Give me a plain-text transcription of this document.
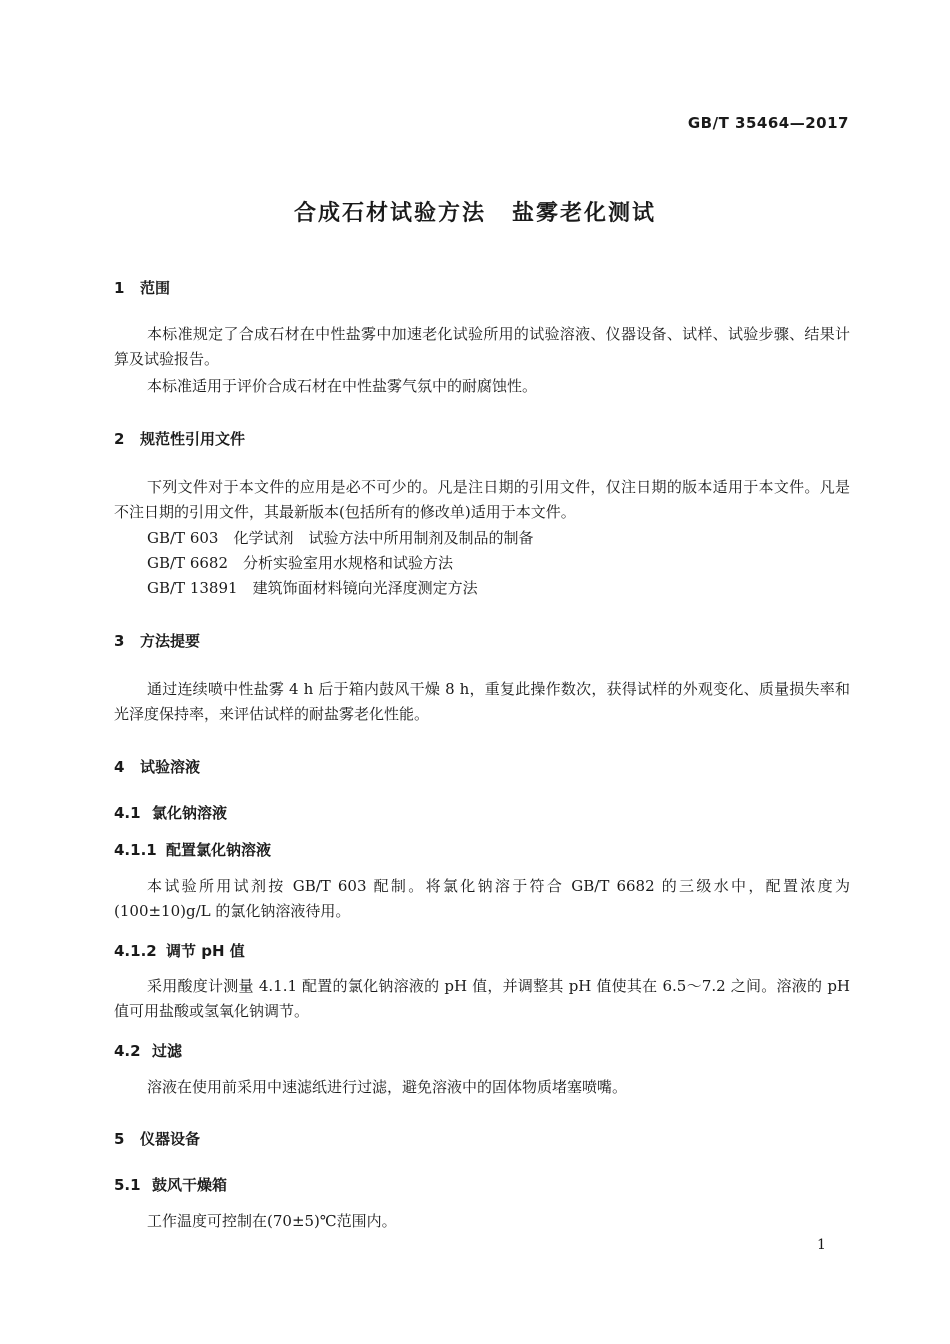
GB/T 35464—2017
合成石材试验方法 盐雾老化测试
1 范围
本标准规定了合成石材在中性盐雾中加速老化试验所用的试验溶液、仪器设备、试样、试验步骤、结果计算及试验报告。
本标准适用于评价合成石材在中性盐雾气氛中的耐腐蚀性。
2 规范性引用文件
下列文件对于本文件的应用是必不可少的。凡是注日期的引用文件，仅注日期的版本适用于本文件。凡是不注日期的引用文件，其最新版本(包括所有的修改单)适用于本文件。
GB/T 603　 化学试剂　试验方法中所用制剂及制品的制备
GB/T 6682　 分析实验室用水规格和试验方法
GB/T 13891　 建筑饰面材料镜向光泽度测定方法
3 方法提要
通过连续喷中性盐雾 4 h 后于箱内鼓风干燥 8 h，重复此操作数次，获得试样的外观变化、质量损失率和光泽度保持率，来评估试样的耐盐雾老化性能。
4 试验溶液
4.1 氯化钠溶液
4.1.1 配置氯化钠溶液
本试验所用试剂按 GB/T 603 配制。将氯化钠溶于符合 GB/T 6682 的三级水中，配置浓度为(100±10)g/L 的氯化钠溶液待用。
4.1.2 调节 pH 值
采用酸度计测量 4.1.1 配置的氯化钠溶液的 pH 值，并调整其 pH 值使其在 6.5～7.2 之间。溶液的 pH 值可用盐酸或氢氧化钠调节。
4.2 过滤
溶液在使用前采用中速滤纸进行过滤，避免溶液中的固体物质堵塞喷嘴。
5 仪器设备
5.1 鼓风干燥箱
工作温度可控制在(70±5)℃范围内。
1
